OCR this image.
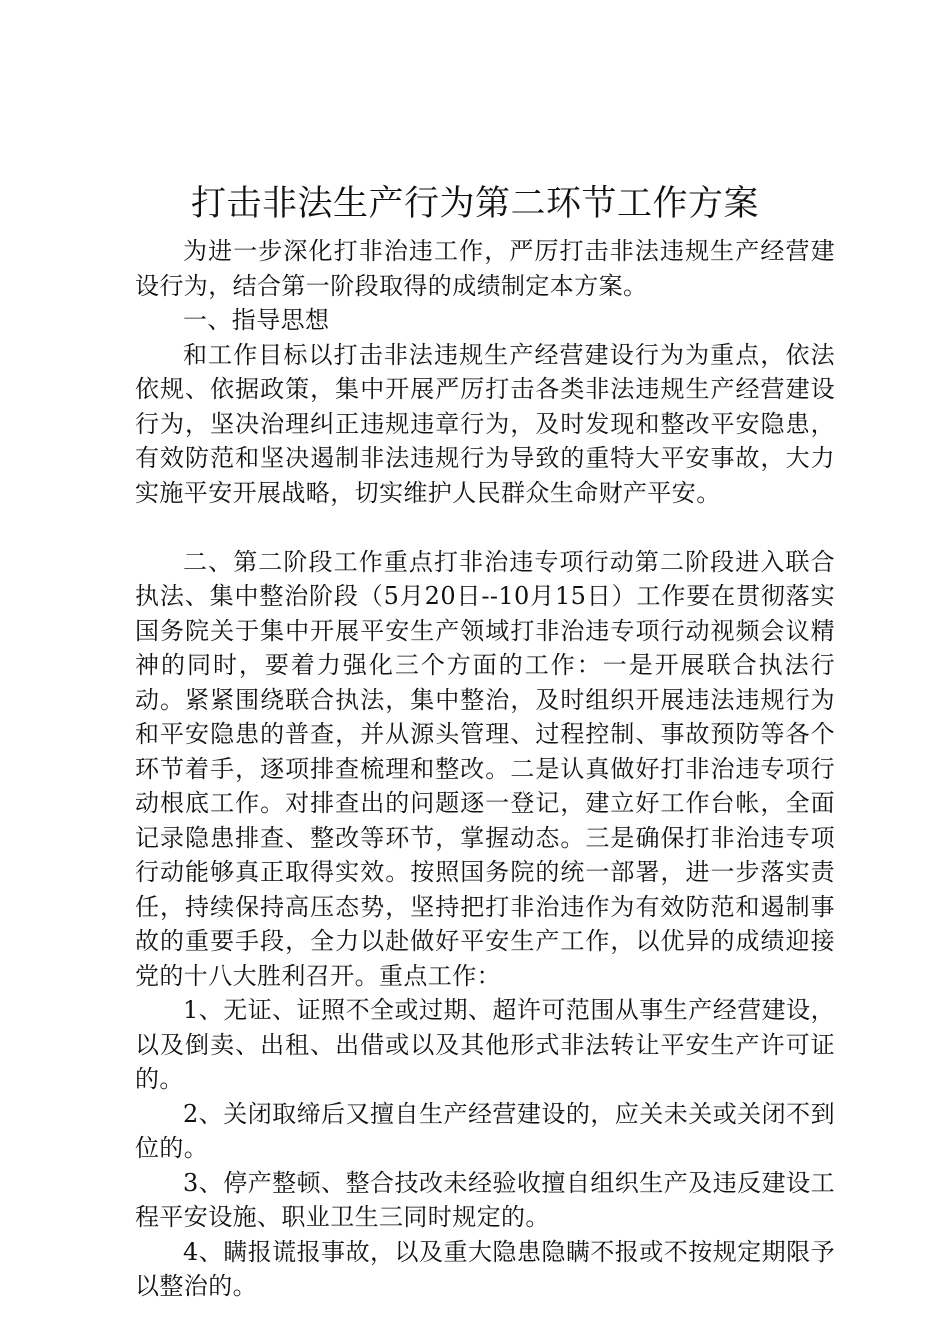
打击非法生产行为第二环节工作方案

为进一步深化打非治违工作，严厉打击非法违规生产经营建设行为，结合第一阶段取得的成绩制定本方案。

一、指导思想

和工作目标以打击非法违规生产经营建设行为为重点，依法依规、依据政策，集中开展严厉打击各类非法违规生产经营建设行为，坚决治理纠正违规违章行为，及时发现和整改平安隐患，有效防范和坚决遏制非法违规行为导致的重特大平安事故，大力实施平安开展战略，切实维护人民群众生命财产平安。

二、第二阶段工作重点打非治违专项行动第二阶段进入联合执法、集中整治阶段（5月20日--10月15日）工作要在贯彻落实国务院关于集中开展平安生产领域打非治违专项行动视频会议精神的同时，要着力强化三个方面的工作：一是开展联合执法行动。紧紧围绕联合执法，集中整治，及时组织开展违法违规行为和平安隐患的普查，并从源头管理、过程控制、事故预防等各个环节着手，逐项排查梳理和整改。二是认真做好打非治违专项行动根底工作。对排查出的问题逐一登记，建立好工作台帐，全面记录隐患排查、整改等环节，掌握动态。三是确保打非治违专项行动能够真正取得实效。按照国务院的统一部署，进一步落实责任，持续保持高压态势，坚持把打非治违作为有效防范和遏制事故的重要手段，全力以赴做好平安生产工作，以优异的成绩迎接党的十八大胜利召开。重点工作：

1、无证、证照不全或过期、超许可范围从事生产经营建设，以及倒卖、出租、出借或以及其他形式非法转让平安生产许可证的。

2、关闭取缔后又擅自生产经营建设的，应关未关或关闭不到位的。

3、停产整顿、整合技改未经验收擅自组织生产及违反建设工程平安设施、职业卫生三同时规定的。

4、瞒报谎报事故，以及重大隐患隐瞒不报或不按规定期限予以整治的。
